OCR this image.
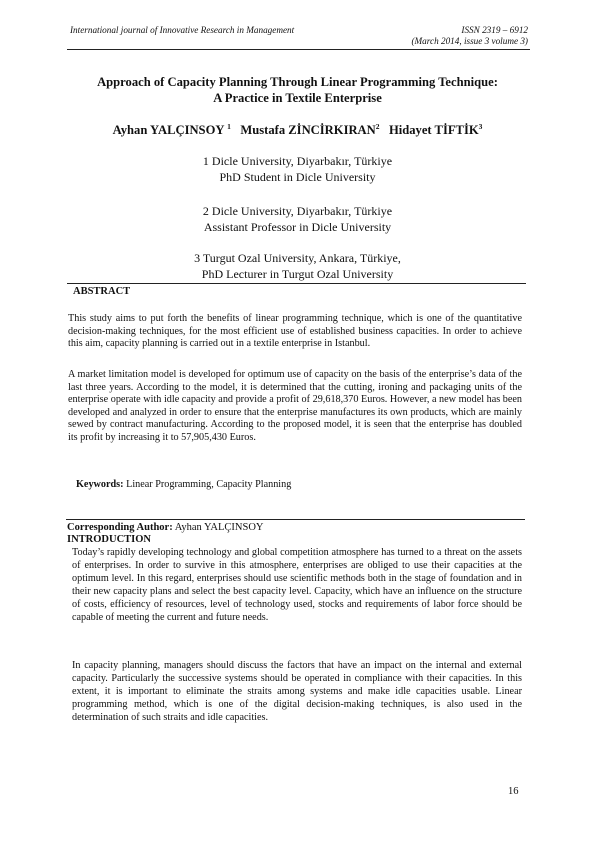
International journal of Innovative Research in Management	ISSN 2319 – 6912
(March 2014, issue 3 volume 3)
Approach of Capacity Planning Through Linear Programming Technique:
A Practice in Textile Enterprise
Ayhan YALÇINSOY $^1$ Mustafa ZİNCİRKIRAN$^2$ Hidayet TİFTİK$^3$
1 Dicle University, Diyarbakır, Türkiye
PhD Student in Dicle University
2 Dicle University, Diyarbakır, Türkiye
Assistant Professor in Dicle University
3 Turgut Ozal University, Ankara, Türkiye,
PhD Lecturer in Turgut Ozal University
ABSTRACT
This study aims to put forth the benefits of linear programming technique, which is one of the quantitative decision-making techniques, for the most efficient use of established business capacities. In order to achieve this aim, capacity planning is carried out in a textile enterprise in Istanbul.
A market limitation model is developed for optimum use of capacity on the basis of the enterprise’s data of the last three years. According to the model, it is determined that the cutting, ironing and packaging units of the enterprise operate with idle capacity and provide a profit of 29,618,370 Euros. However, a new model has been developed and analyzed in order to ensure that the enterprise manufactures its own products, which are mainly sewed by contract manufacturing. According to the proposed model, it is seen that the enterprise has doubled its profit by increasing it to 57,905,430 Euros.
Keywords: Linear Programming, Capacity Planning
Corresponding Author: Ayhan YALÇINSOY
INTRODUCTION
Today’s rapidly developing technology and global competition atmosphere has turned to a threat on the assets of enterprises. In order to survive in this atmosphere, enterprises are obliged to use their capacities at the optimum level. In this regard, enterprises should use scientific methods both in the stage of foundation and in their new capacity plans and select the best capacity level. Capacity, which have an influence on the structure of costs, efficiency of resources, level of technology used, stocks and requirements of labor force should be capable of meeting the current and future needs.
In capacity planning, managers should discuss the factors that have an impact on the internal and external capacity. Particularly the successive systems should be operated in compliance with their capacities. In this extent, it is important to eliminate the straits among systems and make idle capacities usable. Linear programming method, which is one of the digital decision-making techniques, is also used in the determination of such straits and idle capacities.
16
